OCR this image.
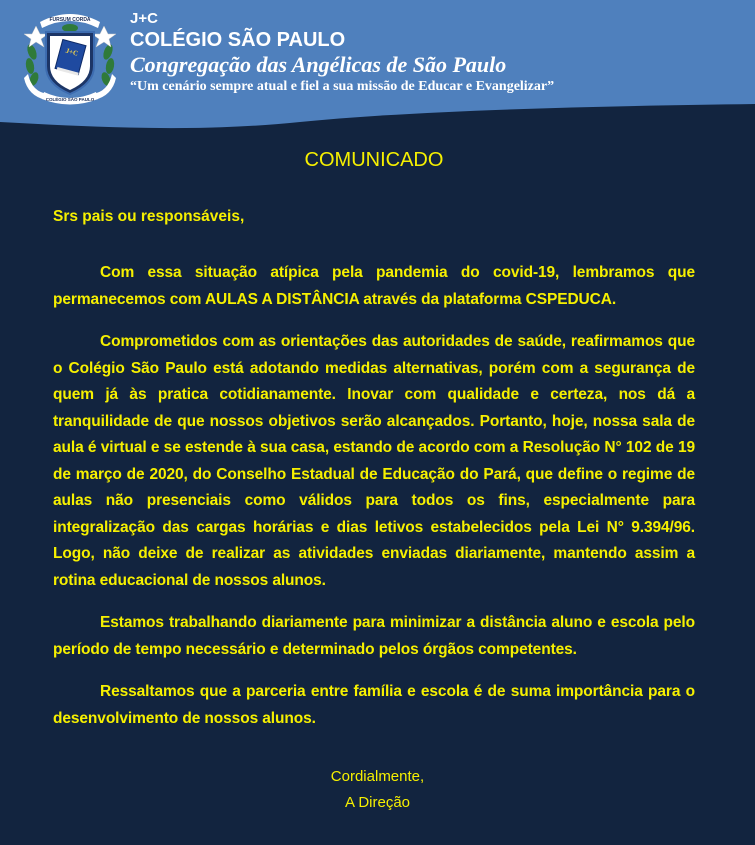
FURSUM CORDA
J+C
COLÉGIO SÃO PAULO
J+C
COLÉGIO SÃO PAULO
Congregação das Angélicas de São Paulo
“Um cenário sempre atual e fiel a sua missão de Educar e Evangelizar”
COMUNICADO
Srs pais ou responsáveis,

Com essa situação atípica pela pandemia do covid-19, lembramos que permanecemos com AULAS A DISTÂNCIA através da plataforma CSPEDUCA.

Comprometidos com as orientações das autoridades de saúde, reafirmamos que o Colégio São Paulo está adotando medidas alternativas, porém com a segurança de quem já às pratica cotidianamente. Inovar com qualidade e certeza, nos dá a tranquilidade de que nossos objetivos serão alcançados. Portanto, hoje, nossa sala de aula é virtual e se estende à sua casa, estando de acordo com a Resolução N° 102 de 19 de março de 2020, do Conselho Estadual de Educação do Pará, que define o regime de aulas não presenciais como válidos para todos os fins, especialmente para integralização das cargas horárias e dias letivos estabelecidos pela Lei N° 9.394/96. Logo, não deixe de realizar as atividades enviadas diariamente, mantendo assim a rotina educacional de nossos alunos.

Estamos trabalhando diariamente para minimizar a distância aluno e escola pelo período de tempo necessário e determinado pelos órgãos competentes.

Ressaltamos que a parceria entre família e escola é de suma importância para o desenvolvimento de nossos alunos.

Cordialmente,
A Direção
